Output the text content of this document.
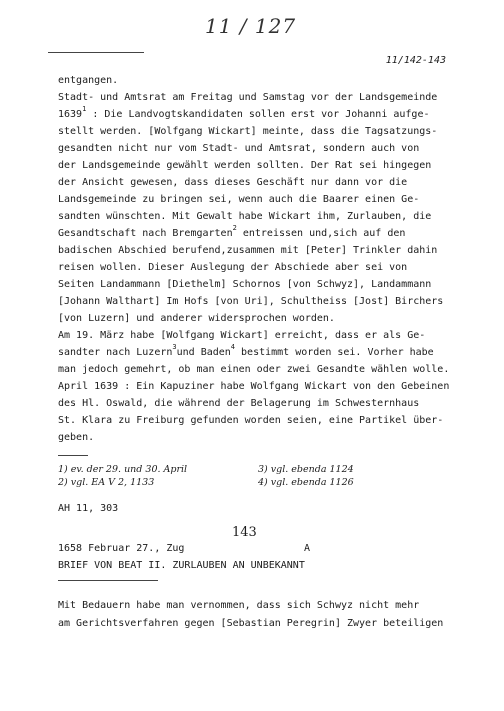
11 / 127
11/142-143
entgangen.
Stadt- und Amtsrat am Freitag und Samstag vor der Landsgemeinde
1639$^1$ : Die Landvogtskandidaten sollen erst vor Johanni aufge-
stellt werden. [Wolfgang Wickart] meinte, dass die Tagsatzungs-
gesandten nicht nur vom Stadt- und Amtsrat, sondern auch von
der Landsgemeinde gewählt werden sollten. Der Rat sei hingegen
der Ansicht gewesen, dass dieses Geschäft nur dann vor die
Landsgemeinde zu bringen sei, wenn auch die Baarer einen Ge-
sandten wünschten. Mit Gewalt habe Wickart ihm, Zurlauben, die
Gesandtschaft nach Bremgarten$^2$ entreissen und,sich auf den
badischen Abschied berufend,zusammen mit [Peter] Trinkler dahin
reisen wollen. Dieser Auslegung der Abschiede aber sei von
Seiten Landammann [Diethelm] Schornos [von Schwyz], Landammann
[Johann Walthart] Im Hofs [von Uri], Schultheiss [Jost] Birchers
[von Luzern] und anderer widersprochen worden.
Am 19. März habe [Wolfgang Wickart] erreicht, dass er als Ge-
sandter nach Luzern$^3$und Baden$^4$ bestimmt worden sei. Vorher habe
man jedoch gemehrt, ob man einen oder zwei Gesandte wählen wolle.
April 1639 : Ein Kapuziner habe Wolfgang Wickart von den Gebeinen
des Hl. Oswald, die während der Belagerung im Schwesternhaus
St. Klara zu Freiburg gefunden worden seien, eine Partikel über-
geben.
1) ev. der 29. und 30. April
2) vgl. EA V 2, 1133
3) vgl. ebenda 1124
4) vgl. ebenda 1126
AH 11, 303
143
1658 Februar 27., Zug	A
BRIEF VON BEAT II. ZURLAUBEN AN UNBEKANNT
Mit Bedauern habe man vernommen, dass sich Schwyz nicht mehr
am Gerichtsverfahren gegen [Sebastian Peregrin] Zwyer beteiligen
